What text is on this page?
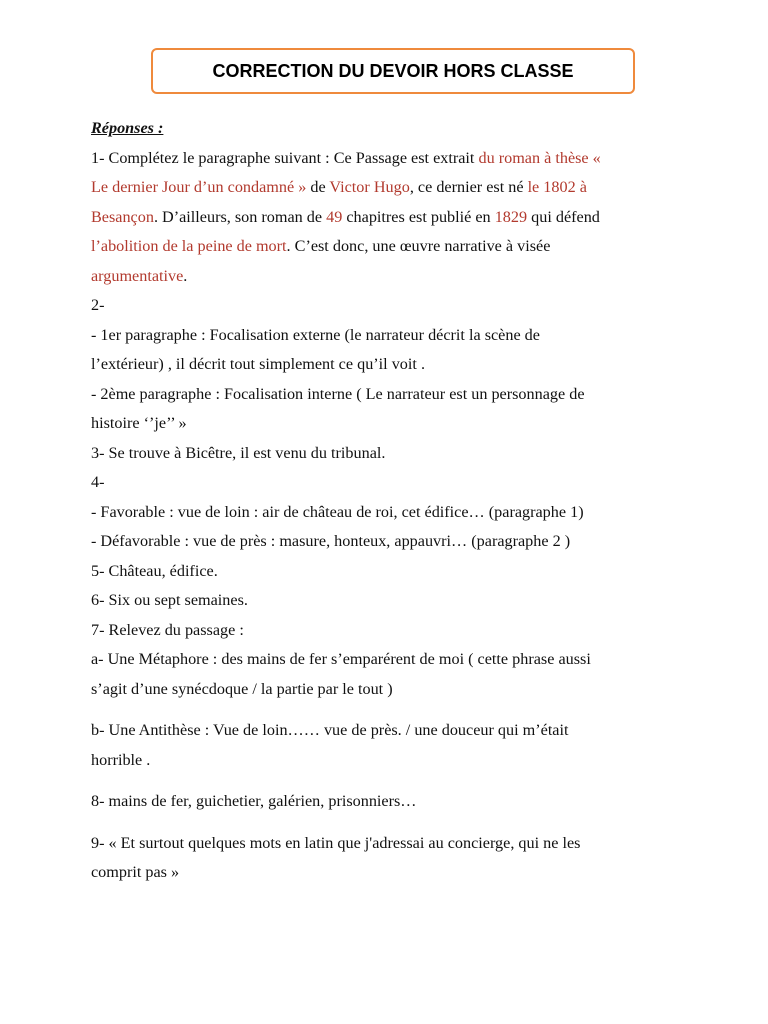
CORRECTION DU DEVOIR HORS CLASSE

Réponses :

1- Complétez le paragraphe suivant : Ce Passage est extrait du roman à thèse «

Le dernier Jour d’un condamné » de Victor Hugo, ce dernier est né le 1802 à

Besançon. D’ailleurs, son roman de 49 chapitres est publié en 1829 qui défend

l’abolition de la peine de mort. C’est donc, une œuvre narrative à visée

argumentative.

2-

- 1er paragraphe : Focalisation externe (le narrateur décrit la scène de

l’extérieur) , il décrit tout simplement ce qu’il voit .

- 2ème paragraphe : Focalisation interne ( Le narrateur est un personnage de

histoire ‘’je’’ »

3- Se trouve à Bicêtre, il est venu du tribunal.

4-

- Favorable : vue de loin : air de château de roi, cet édifice… (paragraphe 1)

- Défavorable : vue de près : masure, honteux, appauvri… (paragraphe 2 )

5- Château, édifice.

6- Six ou sept semaines.

7- Relevez du passage :

a- Une Métaphore : des mains de fer s’emparérent de moi ( cette phrase aussi

s’agit d’une synécdoque / la partie par le tout )

b- Une Antithèse : Vue de loin…… vue de près. / une douceur qui m’était

horrible .

8- mains de fer, guichetier, galérien, prisonniers…

9- « Et surtout quelques mots en latin que j'adressai au concierge, qui ne les

comprit pas »
